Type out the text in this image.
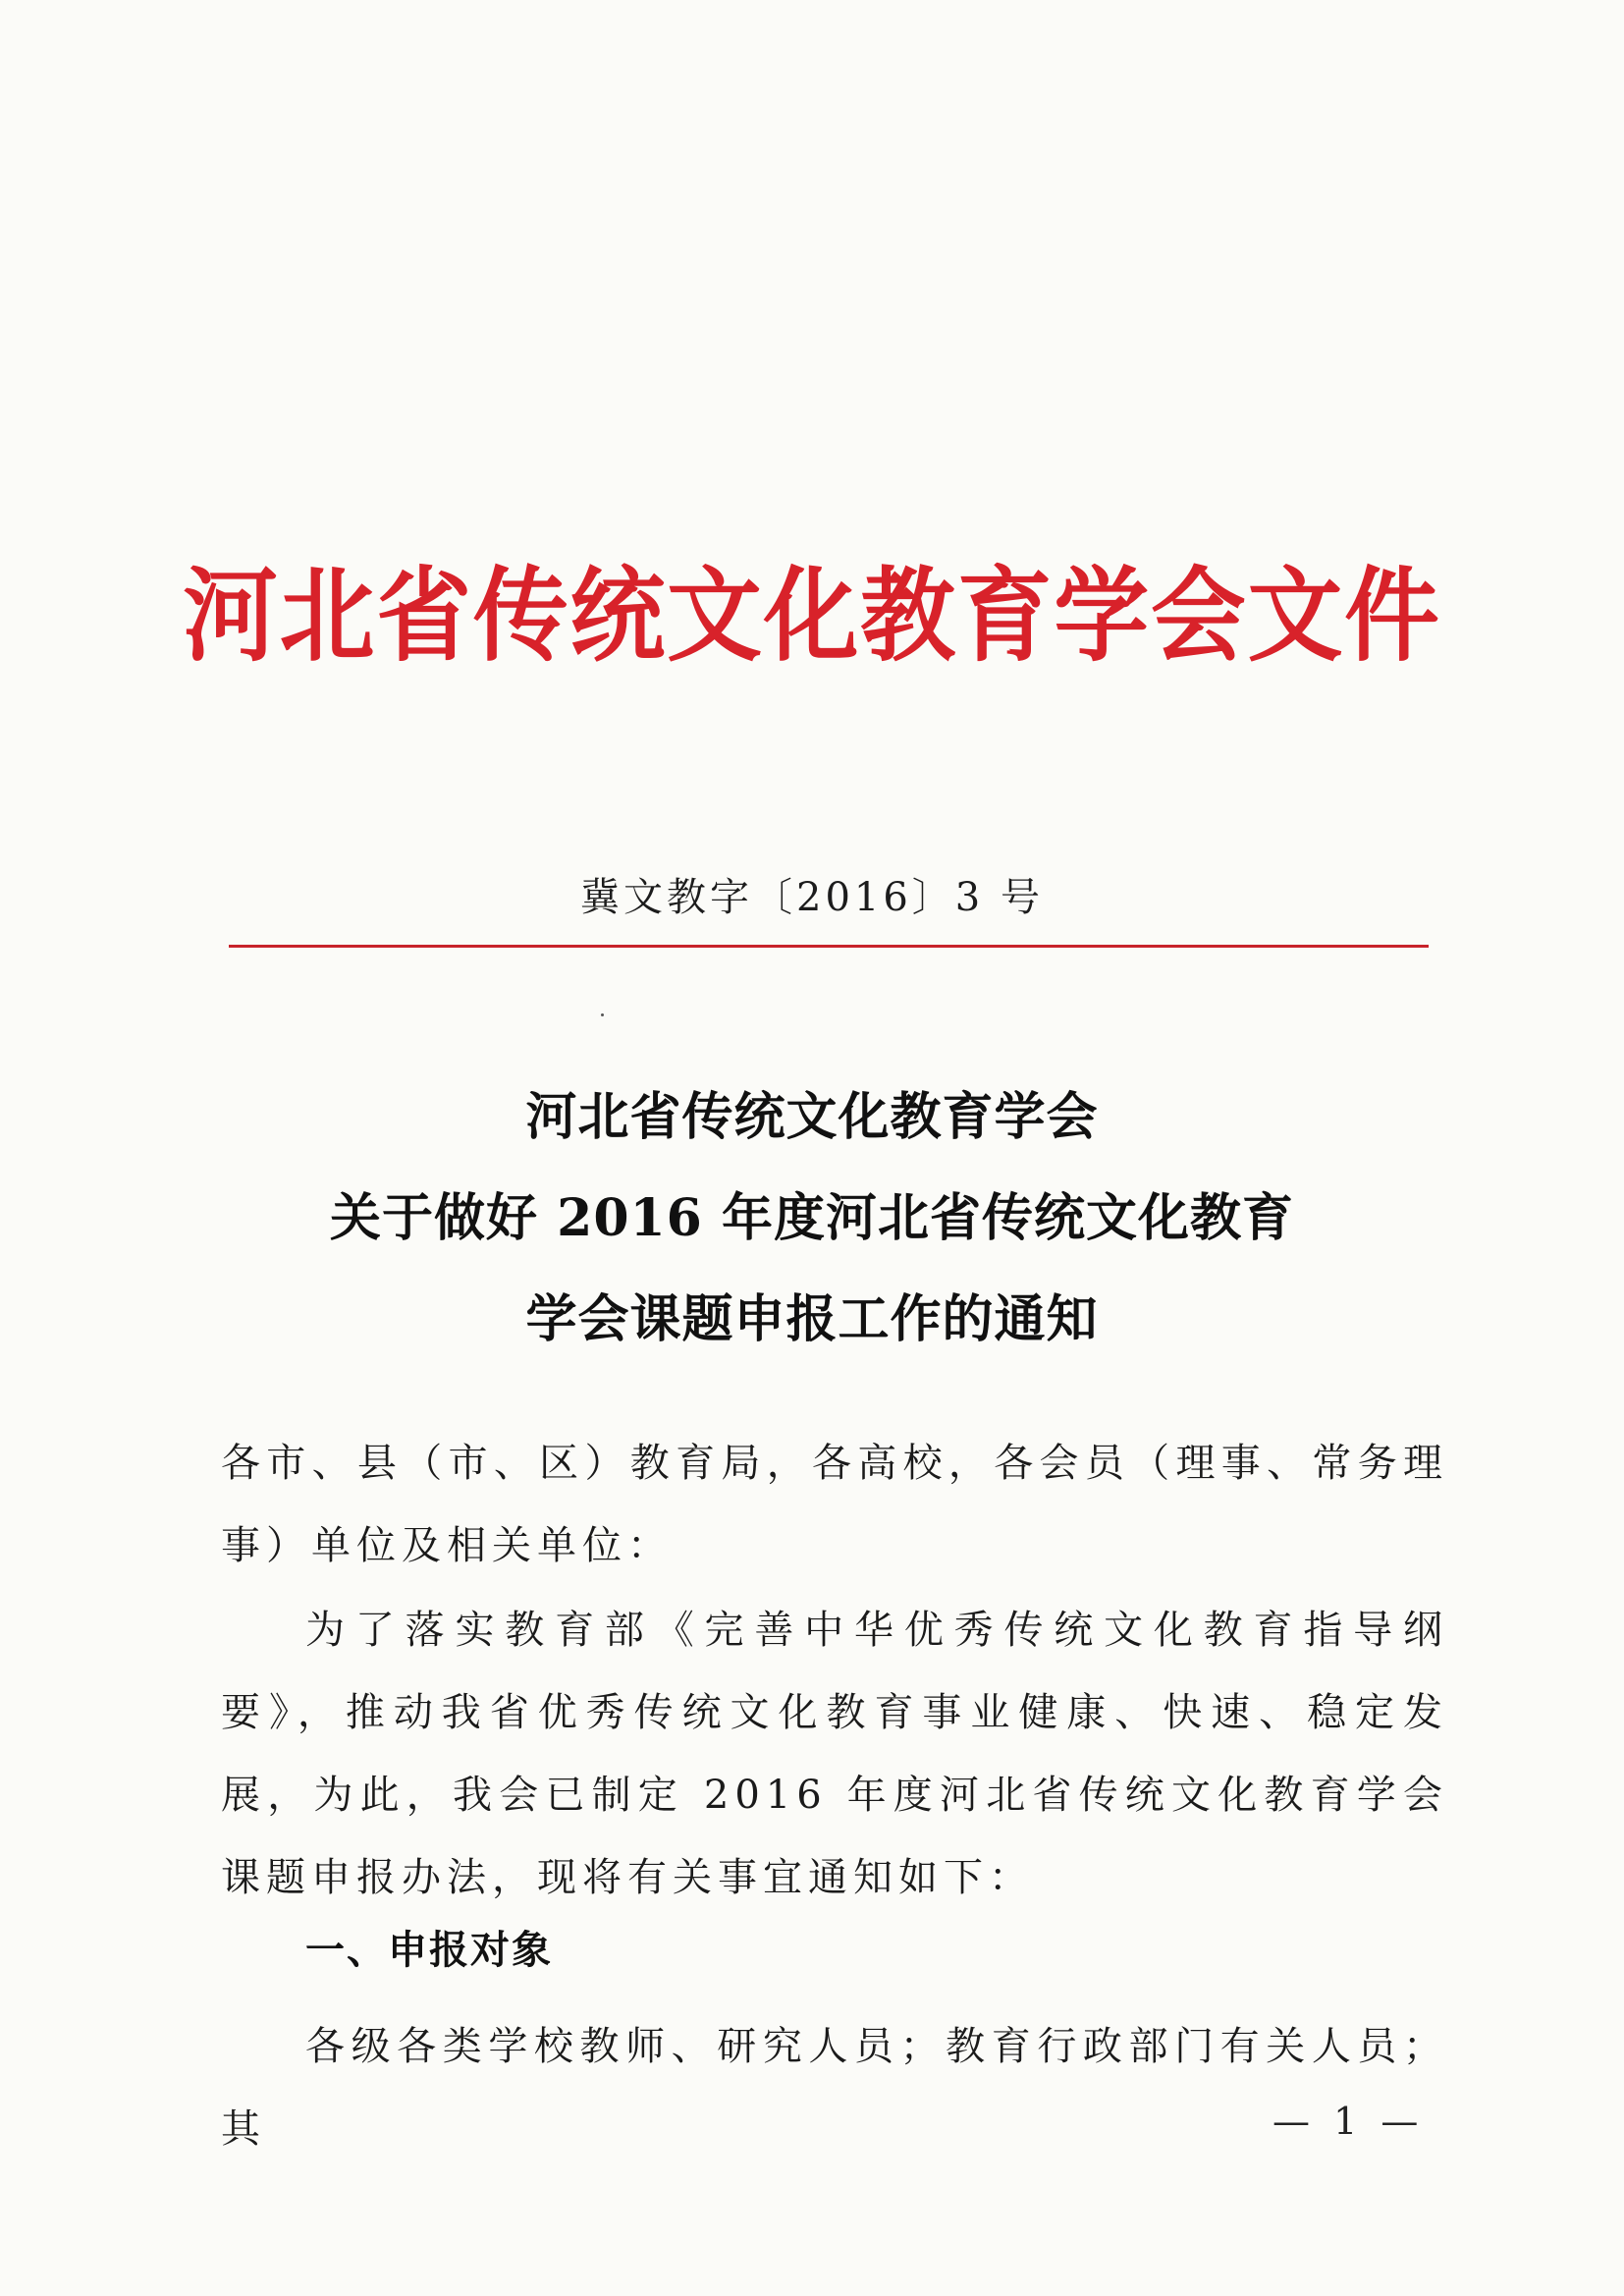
河北省传统文化教育学会文件
冀文教字〔2016〕3 号
河北省传统文化教育学会
关于做好 2016 年度河北省传统文化教育
学会课题申报工作的通知
各市、县（市、区）教育局，各高校，各会员（理事、常务理事）单位及相关单位：
为了落实教育部《完善中华优秀传统文化教育指导纲要》，推动我省优秀传统文化教育事业健康、快速、稳定发展，为此，我会已制定 2016 年度河北省传统文化教育学会课题申报办法，现将有关事宜通知如下：
一、申报对象
各级各类学校教师、研究人员；教育行政部门有关人员；其	— 1 —
